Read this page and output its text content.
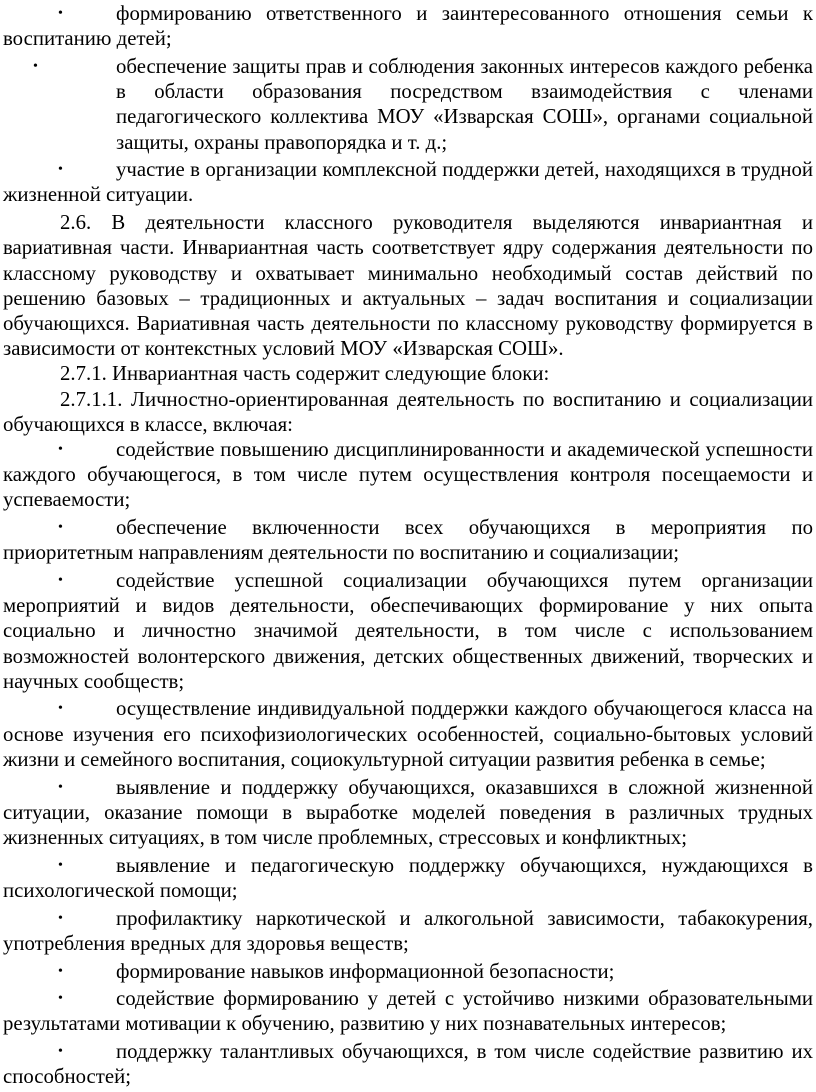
• формированию ответственного и заинтересованного отношения семьи к воспитанию детей;
• обеспечение защиты прав и соблюдения законных интересов каждого ребенка в области образования посредством взаимодействия с членами педагогического коллектива МОУ «Изварская СОШ», органами социальной защиты, охраны правопорядка и т. д.;
• участие в организации комплексной поддержки детей, находящихся в трудной жизненной ситуации.
2.6. В деятельности классного руководителя выделяются инвариантная и вариативная части. Инвариантная часть соответствует ядру содержания деятельности по классному руководству и охватывает минимально необходимый состав действий по решению базовых – традиционных и актуальных – задач воспитания и социализации обучающихся. Вариативная часть деятельности по классному руководству формируется в зависимости от контекстных условий МОУ «Изварская СОШ».
2.7.1. Инвариантная часть содержит следующие блоки:
2.7.1.1. Личностно-ориентированная деятельность по воспитанию и социализации обучающихся в классе, включая:
• содействие повышению дисциплинированности и академической успешности каждого обучающегося, в том числе путем осуществления контроля посещаемости и успеваемости;
• обеспечение включенности всех обучающихся в мероприятия по приоритетным направлениям деятельности по воспитанию и социализации;
• содействие успешной социализации обучающихся путем организации мероприятий и видов деятельности, обеспечивающих формирование у них опыта социально и личностно значимой деятельности, в том числе с использованием возможностей волонтерского движения, детских общественных движений, творческих и научных сообществ;
• осуществление индивидуальной поддержки каждого обучающегося класса на основе изучения его психофизиологических особенностей, социально-бытовых условий жизни и семейного воспитания, социокультурной ситуации развития ребенка в семье;
• выявление и поддержку обучающихся, оказавшихся в сложной жизненной ситуации, оказание помощи в выработке моделей поведения в различных трудных жизненных ситуациях, в том числе проблемных, стрессовых и конфликтных;
• выявление и педагогическую поддержку обучающихся, нуждающихся в психологической помощи;
• профилактику наркотической и алкогольной зависимости, табакокурения, употребления вредных для здоровья веществ;
• формирование навыков информационной безопасности;
• содействие формированию у детей с устойчиво низкими образовательными результатами мотивации к обучению, развитию у них познавательных интересов;
• поддержку талантливых обучающихся, в том числе содействие развитию их способностей;
